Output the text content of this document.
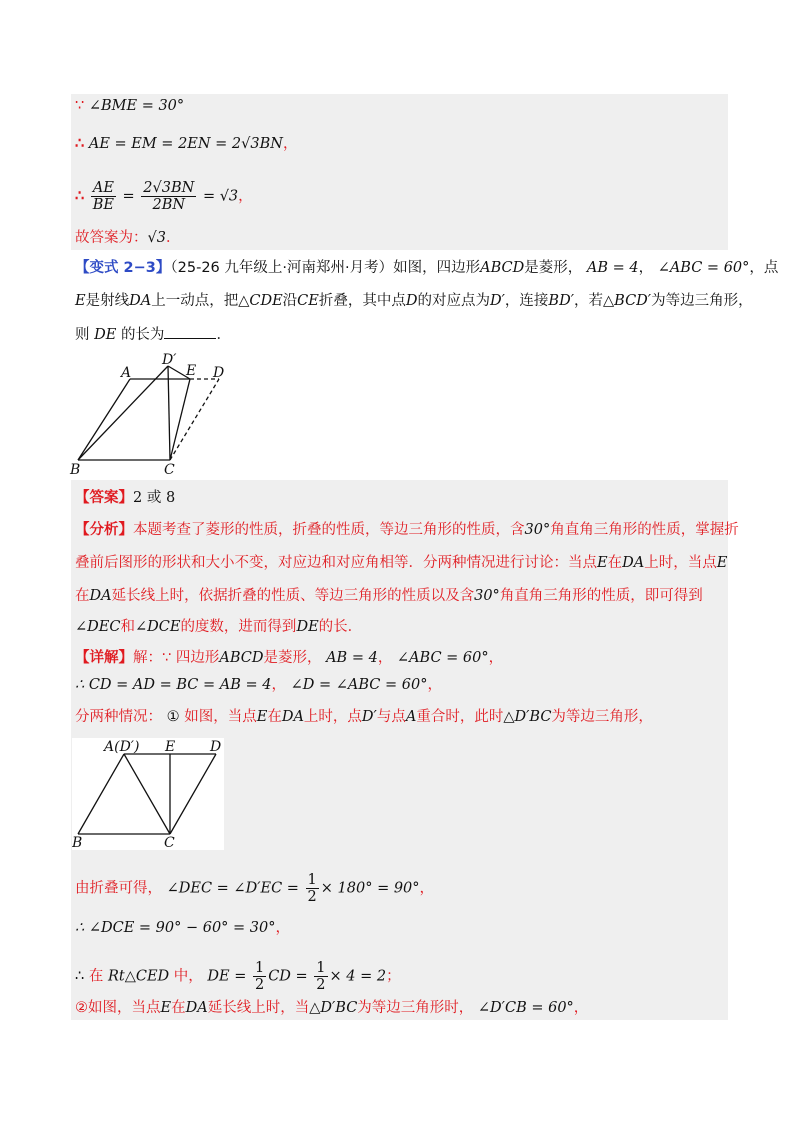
∵ ∠BME = 30°
∴ AE = EM = 2EN = 2√3BN，
∴ $\frac{AE}{BE} = \frac{2√3BN}{2BN} = √3$，
故答案为：√3．
【变式 2−3】（25-26 九年级上·河南郑州·月考）如图，四边形ABCD是菱形， AB = 4， ∠ABC = 60°，点
E是射线DA上一动点，把△CDE沿CE折叠，其中点D的对应点为D′，连接BD′，若△BCD′为等边三角形，
则 DE 的长为	．
A
D′
E D
B	C
【答案】2 或 8
【分析】本题考查了菱形的性质，折叠的性质，等边三角形的性质，含30°角直角三角形的性质，掌握折
叠前后图形的形状和大小不变，对应边和对应角相等．分两种情况进行讨论：当点E在DA上时，当点E
在DA延长线上时，依据折叠的性质、等边三角形的性质以及含30°角直角三角形的性质，即可得到
∠DEC和∠DCE的度数，进而得到DE的长．
【详解】解：∵ 四边形ABCD是菱形， AB = 4， ∠ABC = 60°，
∴ CD = AD = BC = AB = 4， ∠D = ∠ABC = 60°，
分两种情况： ① 如图，当点E在DA上时，点D′与点A重合时，此时△D′BC为等边三角形，
A(D′) E D
B	C
由折叠可得， ∠DEC = ∠D′EC = $\frac{1}{2} \times 180^\circ = 90^\circ$，
∴ ∠DCE = 90° − 60° = 30°，
∴ 在 Rt△CED 中， DE = $\frac{1}{2}$ CD = $\frac{1}{2} \times 4 = 2$；
②如图，当点E在DA延长线上时，当△D′BC为等边三角形时， ∠D′CB = 60°，
